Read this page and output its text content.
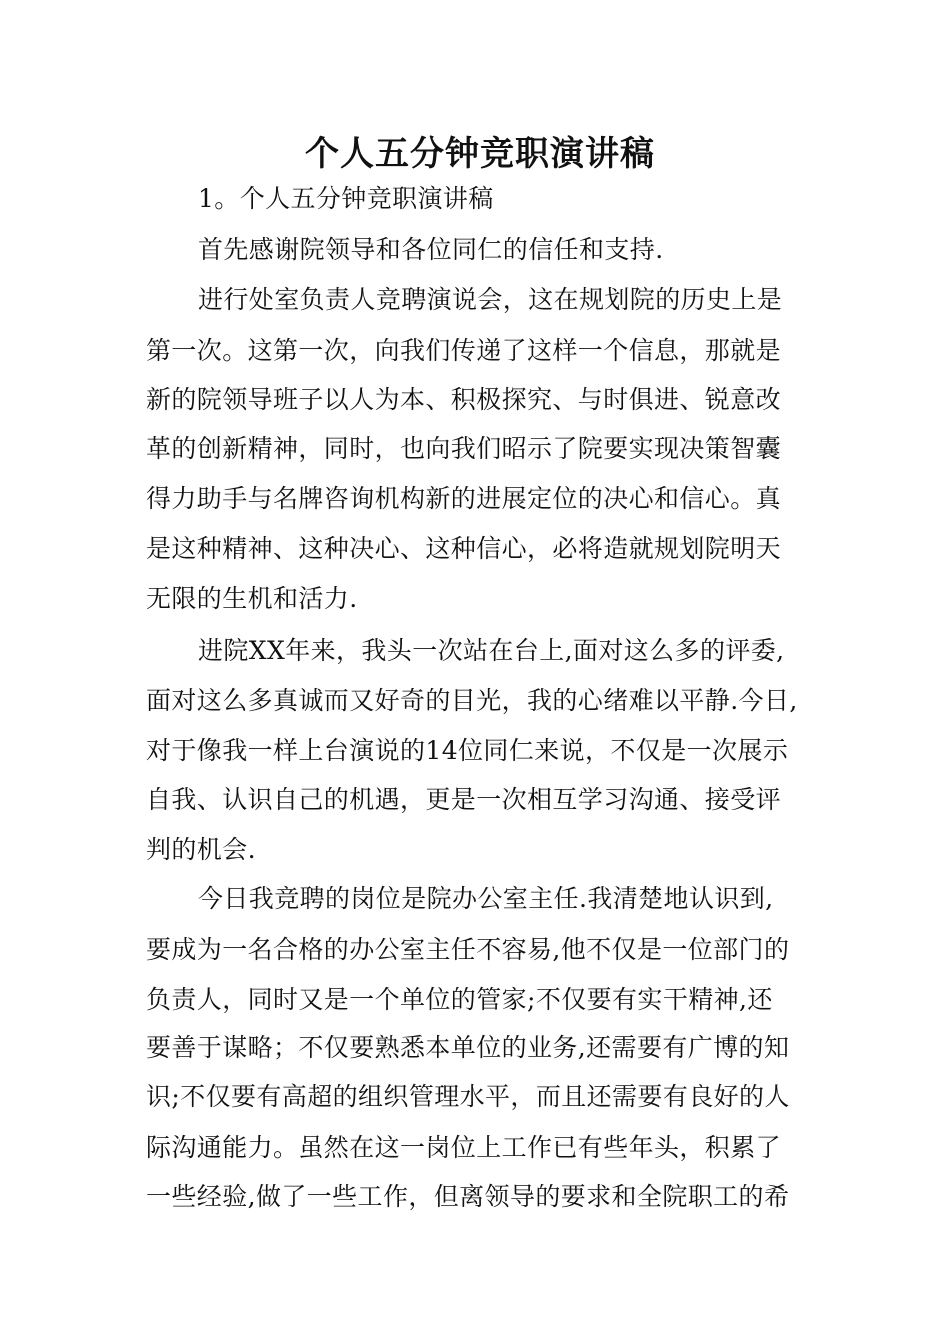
个人五分钟竞职演讲稿
1。个人五分钟竞职演讲稿
首先感谢院领导和各位同仁的信任和支持.
进行处室负责人竞聘演说会，这在规划院的历史上是
第一次。这第一次，向我们传递了这样一个信息，那就是
新的院领导班子以人为本、积极探究、与时俱进、锐意改
革的创新精神，同时，也向我们昭示了院要实现决策智囊
得力助手与名牌咨询机构新的进展定位的决心和信心。真
是这种精神、这种决心、这种信心，必将造就规划院明天
无限的生机和活力.
进院XX年来，我头一次站在台上,面对这么多的评委,
面对这么多真诚而又好奇的目光，我的心绪难以平静.今日,
对于像我一样上台演说的14位同仁来说，不仅是一次展示
自我、认识自己的机遇，更是一次相互学习沟通、接受评
判的机会.
今日我竞聘的岗位是院办公室主任.我清楚地认识到,
要成为一名合格的办公室主任不容易,他不仅是一位部门的
负责人，同时又是一个单位的管家;不仅要有实干精神,还
要善于谋略；不仅要熟悉本单位的业务,还需要有广博的知
识;不仅要有高超的组织管理水平，而且还需要有良好的人
际沟通能力。虽然在这一岗位上工作已有些年头，积累了
一些经验,做了一些工作，但离领导的要求和全院职工的希
